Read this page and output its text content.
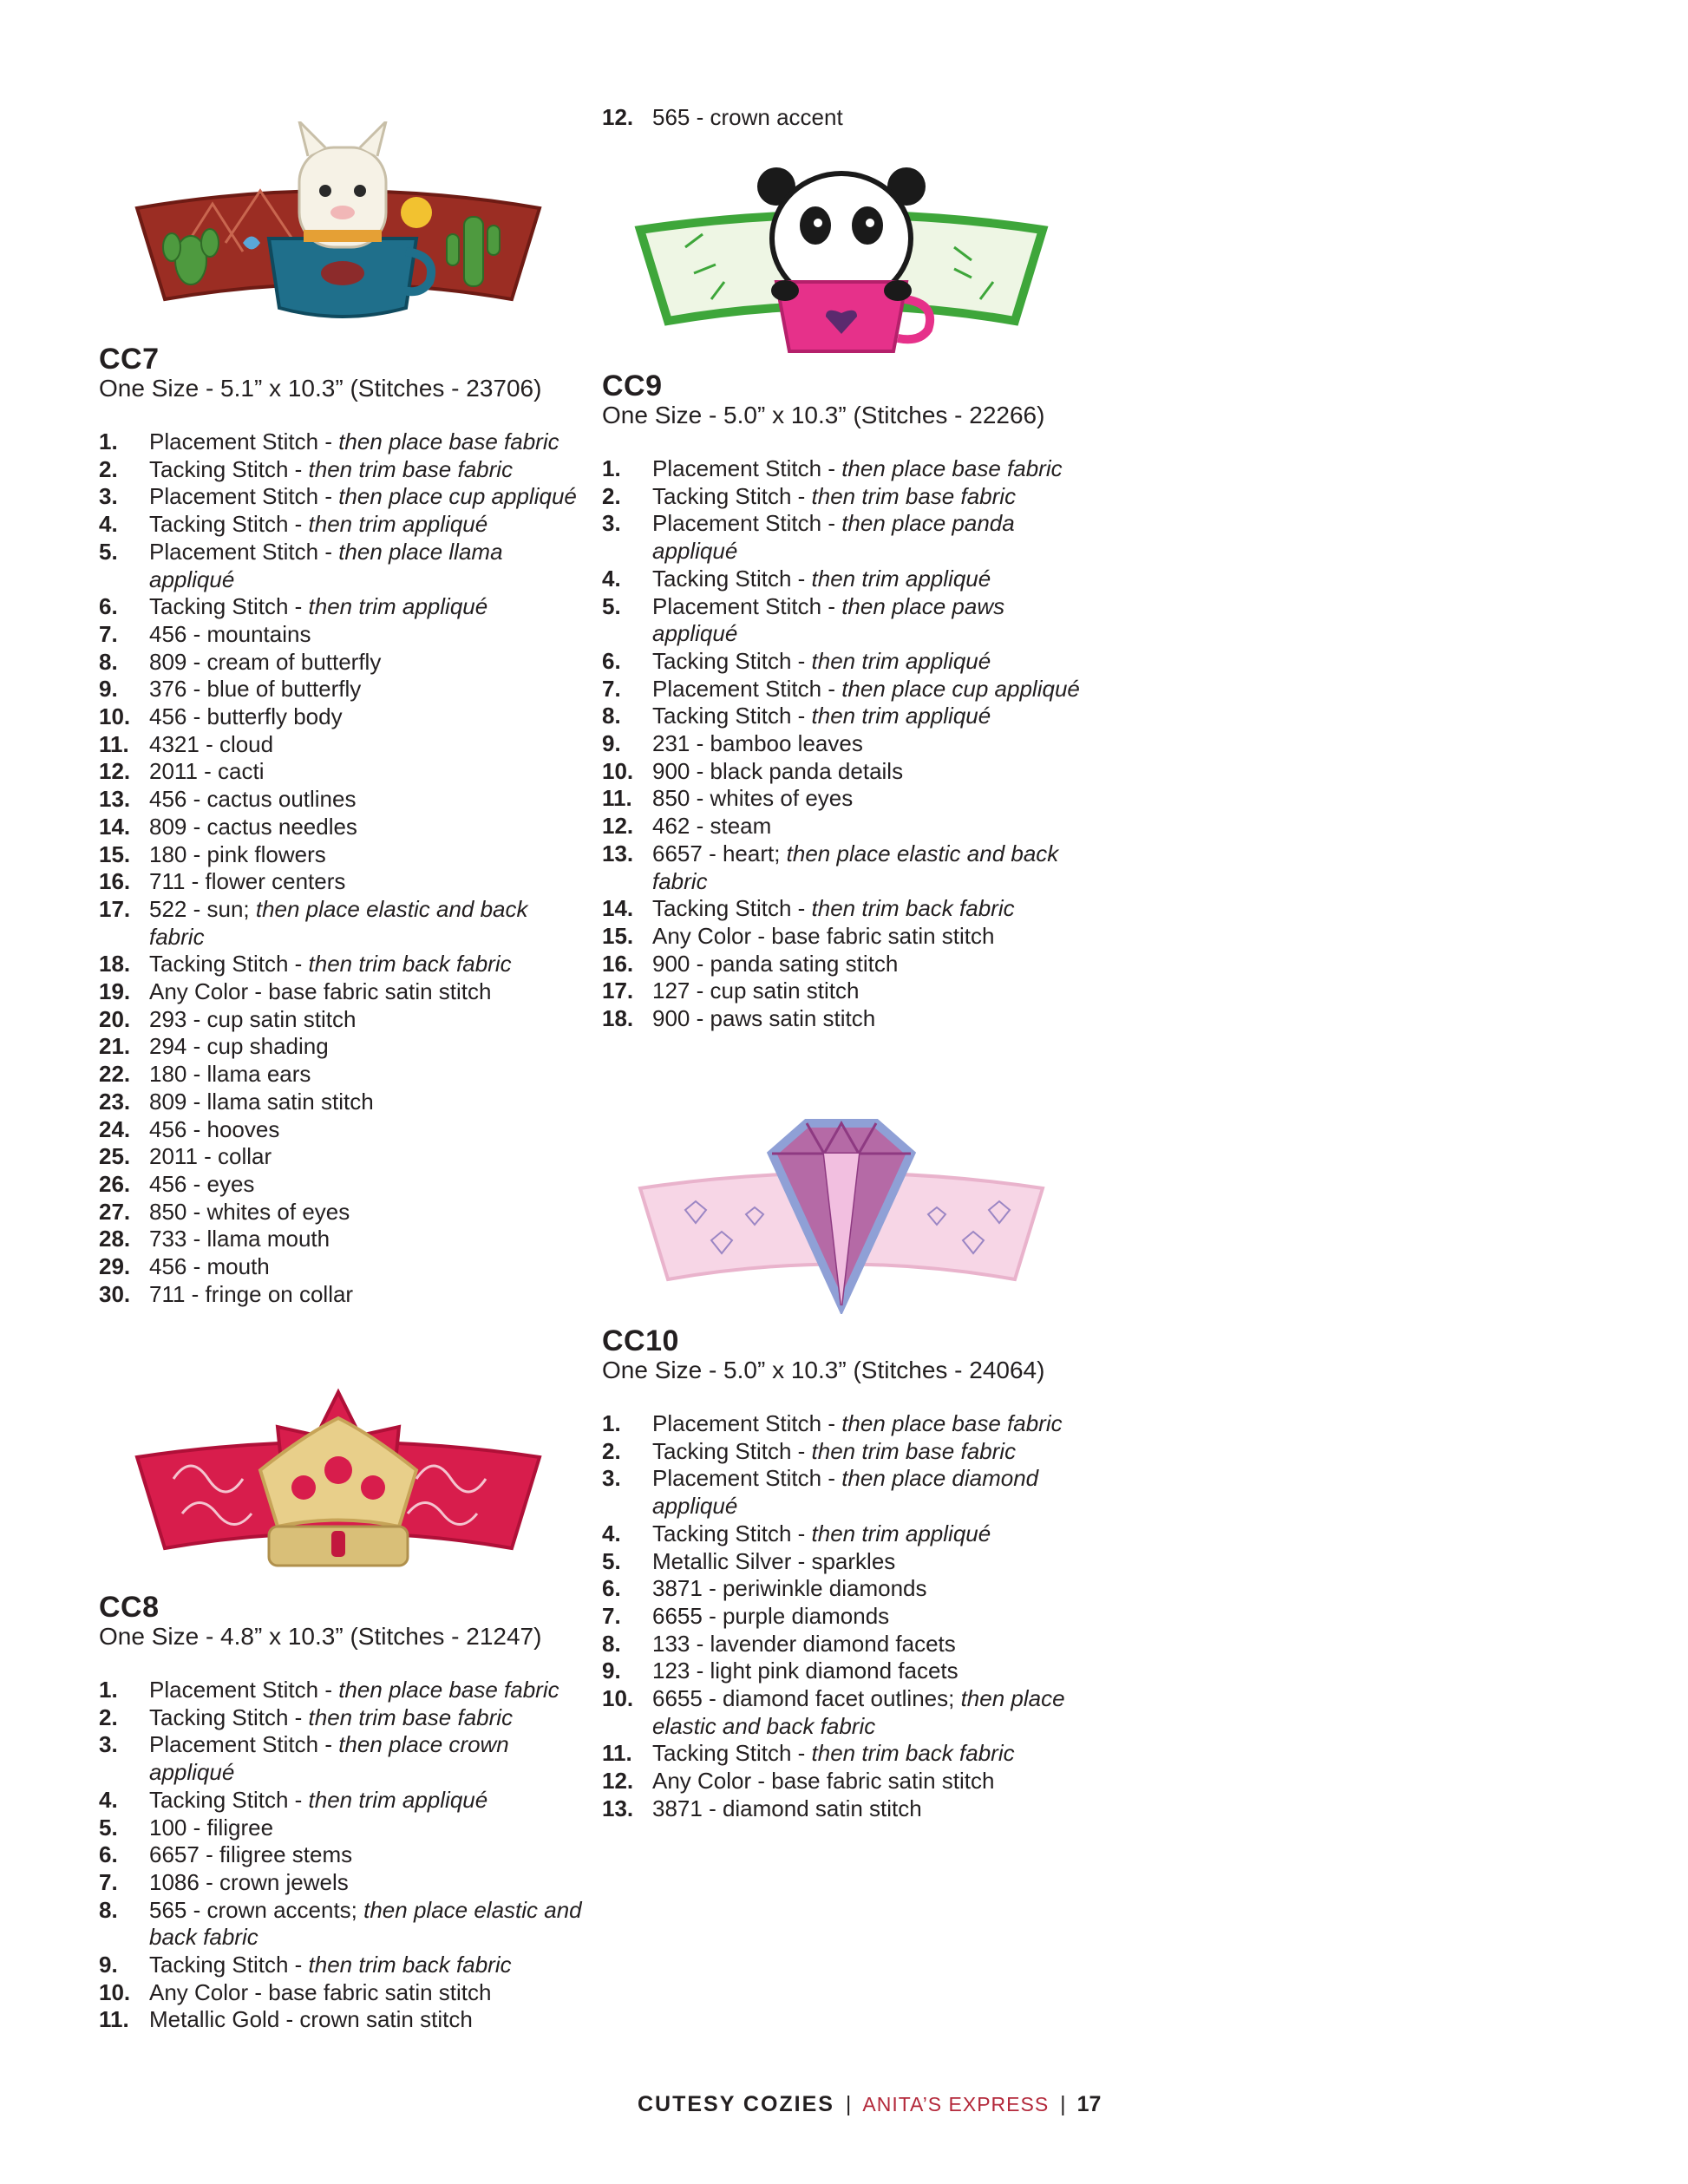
CC7

One Size - 5.1” x 10.3” (Stitches - 23706)

1. Placement Stitch - then place base fabric
2. Tacking Stitch - then trim base fabric
3. Placement Stitch - then place cup appliqué
4. Tacking Stitch - then trim appliqué
5. Placement Stitch - then place llama appliqué
6. Tacking Stitch - then trim appliqué
7. 456 - mountains
8. 809 - cream of butterfly
9. 376 - blue of butterfly
10. 456 - butterfly body
11. 4321 - cloud
12. 2011 - cacti
13. 456 - cactus outlines
14. 809 - cactus needles
15. 180 - pink flowers
16. 711 - flower centers
17. 522 - sun; then place elastic and back fabric
18. Tacking Stitch - then trim back fabric
19. Any Color - base fabric satin stitch
20. 293 - cup satin stitch
21. 294 - cup shading
22. 180 - llama ears
23. 809 - llama satin stitch
24. 456 - hooves
25. 2011 - collar
26. 456 - eyes
27. 850 - whites of eyes
28. 733 - llama mouth
29. 456 - mouth
30. 711 - fringe on collar
CC8

One Size - 4.8” x 10.3” (Stitches - 21247)

1. Placement Stitch - then place base fabric
2. Tacking Stitch - then trim base fabric
3. Placement Stitch - then place crown appliqué
4. Tacking Stitch - then trim appliqué
5. 100 - filigree
6. 6657 - filigree stems
7. 1086 - crown jewels
8. 565 - crown accents; then place elastic and back fabric
9. Tacking Stitch - then trim back fabric
10. Any Color - base fabric satin stitch
11. Metallic Gold - crown satin stitch
12. 565 - crown accent
CC9

One Size - 5.0” x 10.3” (Stitches - 22266)

1. Placement Stitch - then place base fabric
2. Tacking Stitch - then trim base fabric
3. Placement Stitch - then place panda appliqué
4. Tacking Stitch - then trim appliqué
5. Placement Stitch - then place paws appliqué
6. Tacking Stitch - then trim appliqué
7. Placement Stitch - then place cup appliqué
8. Tacking Stitch - then trim appliqué
9. 231 - bamboo leaves
10. 900 - black panda details
11. 850 - whites of eyes
12. 462 - steam
13. 6657 - heart; then place elastic and back fabric
14. Tacking Stitch - then trim back fabric
15. Any Color - base fabric satin stitch
16. 900 - panda sating stitch
17. 127 - cup satin stitch
18. 900 - paws satin stitch
CC10

One Size - 5.0” x 10.3” (Stitches - 24064)

1. Placement Stitch - then place base fabric
2. Tacking Stitch - then trim base fabric
3. Placement Stitch - then place diamond appliqué
4. Tacking Stitch - then trim appliqué
5. Metallic Silver - sparkles
6. 3871 - periwinkle diamonds
7. 6655 - purple diamonds
8. 133 - lavender diamond facets
9. 123 - light pink diamond facets
10. 6655 - diamond facet outlines; then place elastic and back fabric
11. Tacking Stitch - then trim back fabric
12. Any Color - base fabric satin stitch
13. 3871 - diamond satin stitch
CUTESY COZIES | ANITA’S EXPRESS | 17
